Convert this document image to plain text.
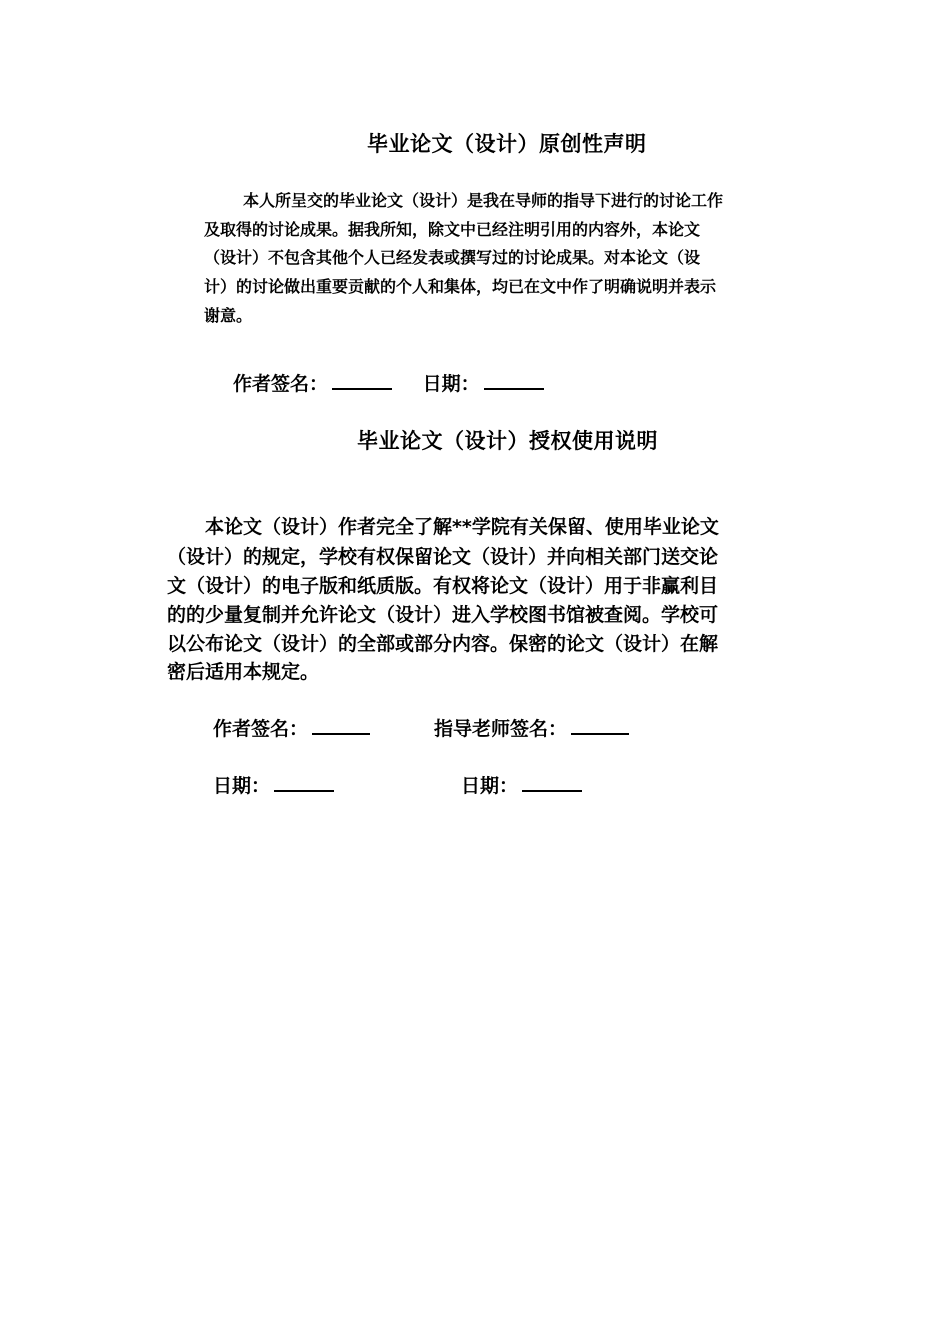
毕业论文（设计）原创性声明
本人所呈交的毕业论文（设计）是我在导师的指导下进行的讨论工作
及取得的讨论成果。据我所知，除文中已经注明引用的内容外，本论文
（设计）不包含其他个人已经发表或撰写过的讨论成果。对本论文（设
计）的讨论做出重要贡献的个人和集体，均已在文中作了明确说明并表示
谢意。
作者签名：	日期：
毕业论文（设计）授权使用说明
本论文（设计）作者完全了解**学院有关保留、使用毕业论文
（设计）的规定，学校有权保留论文（设计）并向相关部门送交论
文（设计）的电子版和纸质版。有权将论文（设计）用于非赢利目
的的少量复制并允许论文（设计）进入学校图书馆被查阅。学校可
以公布论文（设计）的全部或部分内容。保密的论文（设计）在解
密后适用本规定。
作者签名：	指导老师签名：
日期：	日期：
